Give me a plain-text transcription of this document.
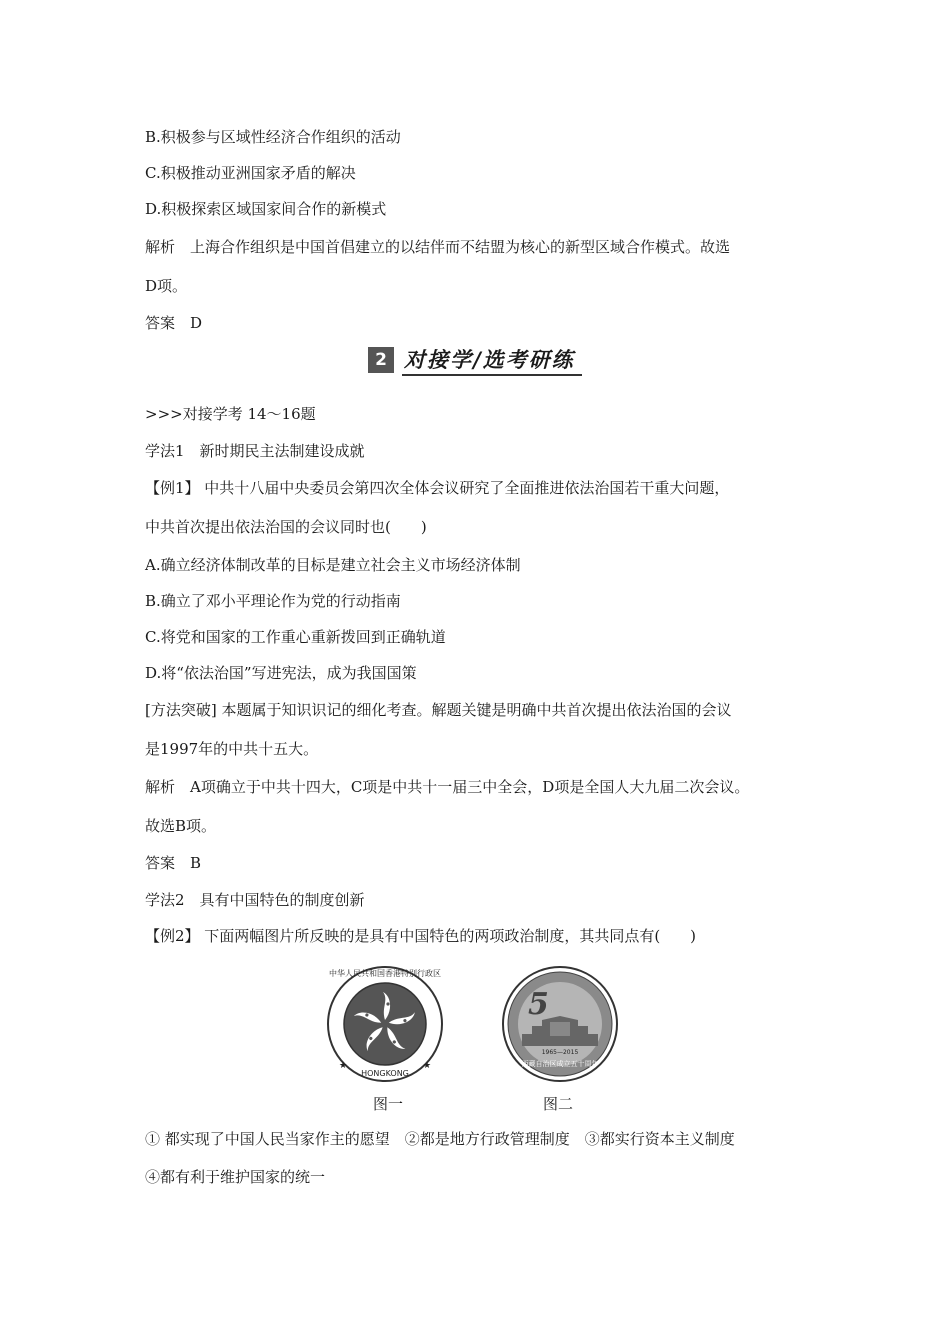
B.积极参与区域性经济合作组织的活动
C.积极推动亚洲国家矛盾的解决
D.积极探索区域国家间合作的新模式
解析　上海合作组织是中国首倡建立的以结伴而不结盟为核心的新型区域合作模式。故选
D项。
答案　D
2 对接学/选考研练
>>>对接学考 14～16题
学法1　新时期民主法制建设成就
【例1】 中共十八届中央委员会第四次全体会议研究了全面推进依法治国若干重大问题，
中共首次提出依法治国的会议同时也(　　)
A.确立经济体制改革的目标是建立社会主义市场经济体制
B.确立了邓小平理论作为党的行动指南
C.将党和国家的工作重心重新拨回到正确轨道
D.将“依法治国”写进宪法，成为我国国策
[方法突破] 本题属于知识识记的细化考查。解题关键是明确中共首次提出依法治国的会议
是1997年的中共十五大。
解析　A项确立于中共十四大，C项是中共十一届三中全会，D项是全国人大九届二次会议。
故选B项。
答案　B
学法2　具有中国特色的制度创新
【例2】 下面两幅图片所反映的是具有中国特色的两项政治制度，其共同点有(　　)
中华人民共和国香港特别行政区
HONGKONG
★	★
5
1965—2015
西藏自治区成立五十周年
图一	图二
① 都实现了中国人民当家作主的愿望　②都是地方行政管理制度　③都实行资本主义制度
④都有利于维护国家的统一
